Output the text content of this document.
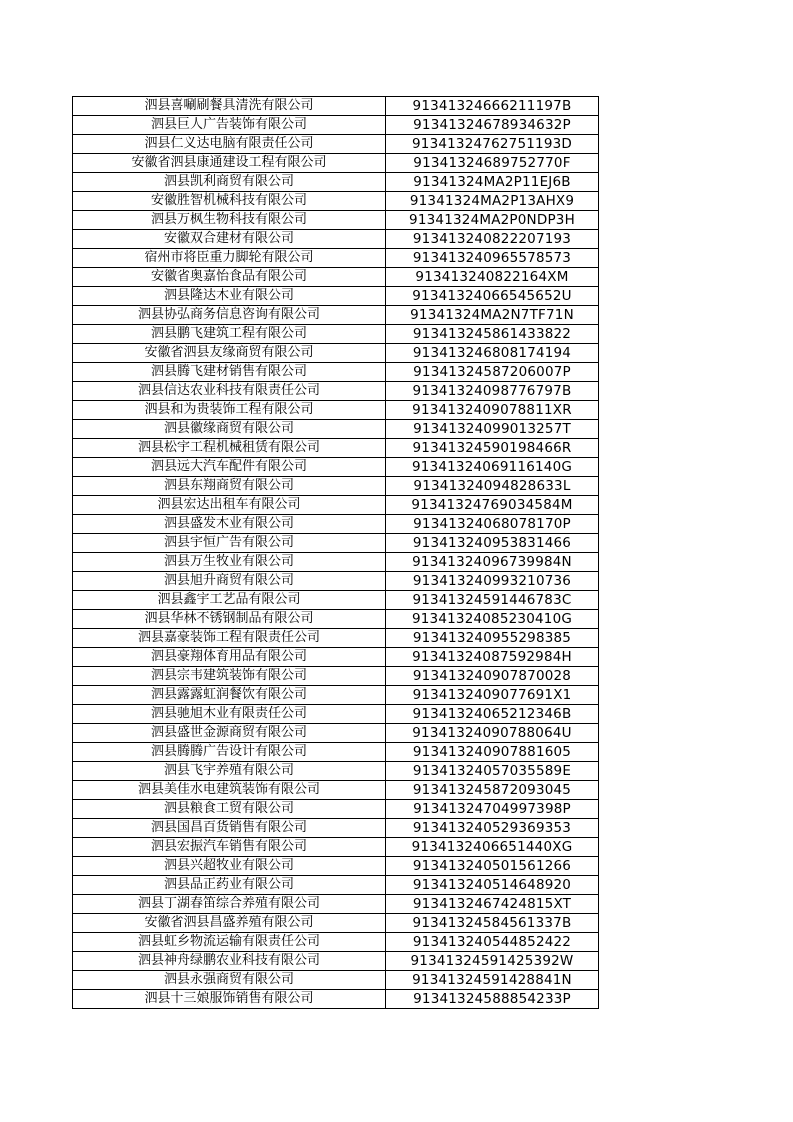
泗县喜唰刷餐具清洗有限公司	91341324666211197B
泗县巨人广告装饰有限公司	91341324678934632P
泗县仁义达电脑有限责任公司	91341324762751193D
安徽省泗县康通建设工程有限公司	91341324689752770F
泗县凯利商贸有限公司	91341324MA2P11EJ6B
安徽胜智机械科技有限公司	91341324MA2P13AHX9
泗县万枫生物科技有限公司	91341324MA2P0NDP3H
安徽双合建材有限公司	913413240822207193
宿州市将臣重力脚轮有限公司	913413240965578573
安徽省奥嘉怡食品有限公司	913413240822164XM
泗县隆达木业有限公司	91341324066545652U
泗县协弘商务信息咨询有限公司	91341324MA2N7TF71N
泗县鹏飞建筑工程有限公司	913413245861433822
安徽省泗县友缘商贸有限公司	913413246808174194
泗县腾飞建材销售有限公司	91341324587206007P
泗县信达农业科技有限责任公司	91341324098776797B
泗县和为贵装饰工程有限公司	9134132409078811XR
泗县徽缘商贸有限公司	91341324099013257T
泗县松宇工程机械租赁有限公司	91341324590198466R
泗县远大汽车配件有限公司	91341324069116140G
泗县东翔商贸有限公司	91341324094828633L
泗县宏达出租车有限公司	91341324769034584M
泗县盛发木业有限公司	91341324068078170P
泗县宇恒广告有限公司	913413240953831466
泗县万生牧业有限公司	91341324096739984N
泗县旭升商贸有限公司	913413240993210736
泗县鑫宇工艺品有限公司	91341324591446783C
泗县华林不锈钢制品有限公司	91341324085230410G
泗县嘉豪装饰工程有限责任公司	913413240955298385
泗县豪翔体育用品有限公司	91341324087592984H
泗县宗韦建筑装饰有限公司	913413240907870028
泗县露露虹润餐饮有限公司	9134132409077691X1
泗县驰旭木业有限责任公司	91341324065212346B
泗县盛世金源商贸有限公司	91341324090788064U
泗县腾腾广告设计有限公司	913413240907881605
泗县飞宇养殖有限公司	91341324057035589E
泗县美佳水电建筑装饰有限公司	913413245872093045
泗县粮食工贸有限公司	91341324704997398P
泗县国昌百货销售有限公司	913413240529369353
泗县宏振汽车销售有限公司	9134132406651440XG
泗县兴超牧业有限公司	913413240501561266
泗县品正药业有限公司	913413240514648920
泗县丁湖春笛综合养殖有限公司	9134132467424815XT
安徽省泗县昌盛养殖有限公司	91341324584561337B
泗县虹乡物流运输有限责任公司	913413240544852422
泗县神舟绿鹏农业科技有限公司	91341324591425392W
泗县永强商贸有限公司	91341324591428841N
泗县十三娘服饰销售有限公司	91341324588854233P
